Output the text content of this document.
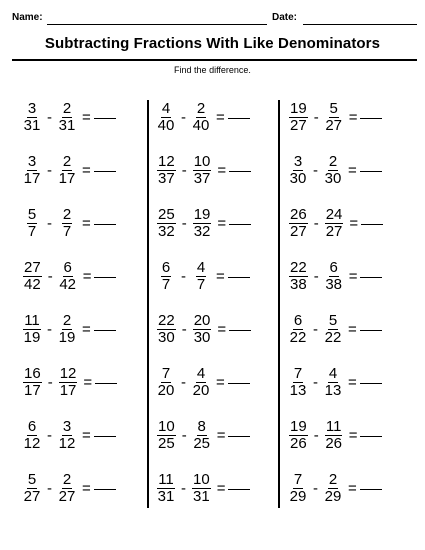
Name:	Date:
Subtracting Fractions With Like Denominators
Find the difference.
$\frac{3}{31} - \frac{2}{31}$ =
$\frac{3}{17} - \frac{2}{17}$ =
$\frac{5}{7} - \frac{2}{7}$ =
$\frac{27}{42} - \frac{6}{42}$ =
$\frac{11}{19} - \frac{2}{19}$ =
$\frac{16}{17} - \frac{12}{17}$ =
$\frac{6}{12} - \frac{3}{12}$ =
$\frac{5}{27} - \frac{2}{27}$ =
$\frac{4}{40} - \frac{2}{40}$ =
$\frac{12}{37} - \frac{10}{37}$ =
$\frac{25}{32} - \frac{19}{32}$ =
$\frac{6}{7} - \frac{4}{7}$ =
$\frac{22}{30} - \frac{20}{30}$ =
$\frac{7}{20} - \frac{4}{20}$ =
$\frac{10}{25} - \frac{8}{25}$ =
$\frac{11}{31} - \frac{10}{31}$ =
$\frac{19}{27} - \frac{5}{27}$ =
$\frac{3}{30} - \frac{2}{30}$ =
$\frac{26}{27} - \frac{24}{27}$ =
$\frac{22}{38} - \frac{6}{38}$ =
$\frac{6}{22} - \frac{5}{22}$ =
$\frac{7}{13} - \frac{4}{13}$ =
$\frac{19}{26} - \frac{11}{26}$ =
$\frac{7}{29} - \frac{2}{29}$ =
